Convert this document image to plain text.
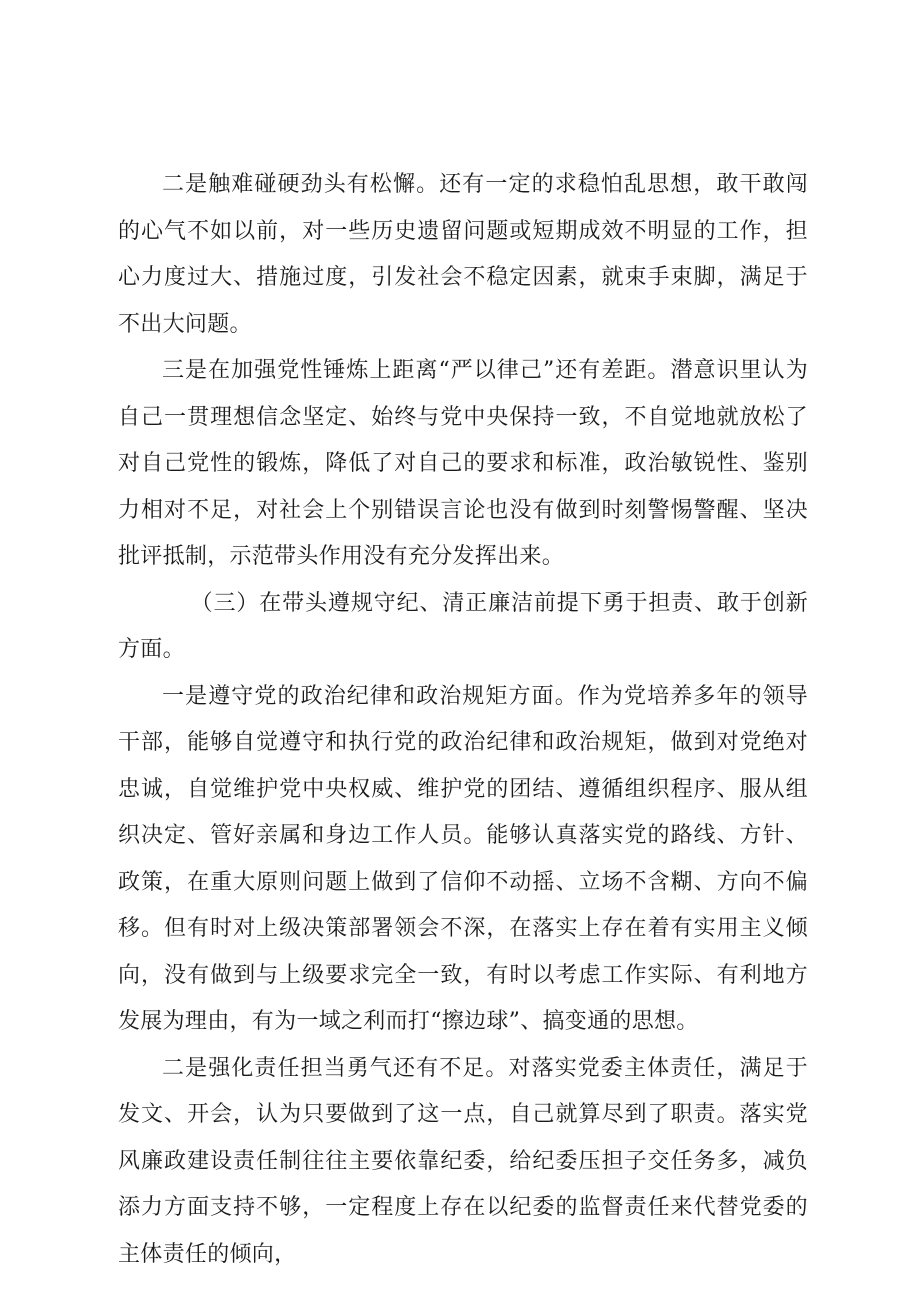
二是触难碰硬劲头有松懈。还有一定的求稳怕乱思想，敢干敢闯的心气不如以前，对一些历史遗留问题或短期成效不明显的工作，担心力度过大、措施过度，引发社会不稳定因素，就束手束脚，满足于不出大问题。

三是在加强党性锤炼上距离“严以律己”还有差距。潜意识里认为自己一贯理想信念坚定、始终与党中央保持一致，不自觉地就放松了对自己党性的锻炼，降低了对自己的要求和标准，政治敏锐性、鉴别力相对不足，对社会上个别错误言论也没有做到时刻警惕警醒、坚决批评抵制，示范带头作用没有充分发挥出来。

（三）在带头遵规守纪、清正廉洁前提下勇于担责、敢于创新方面。

一是遵守党的政治纪律和政治规矩方面。作为党培养多年的领导干部，能够自觉遵守和执行党的政治纪律和政治规矩，做到对党绝对忠诚，自觉维护党中央权威、维护党的团结、遵循组织程序、服从组织决定、管好亲属和身边工作人员。能够认真落实党的路线、方针、政策，在重大原则问题上做到了信仰不动摇、立场不含糊、方向不偏移。但有时对上级决策部署领会不深，在落实上存在着有实用主义倾向，没有做到与上级要求完全一致，有时以考虑工作实际、有利地方发展为理由，有为一域之利而打“擦边球”、搞变通的思想。

二是强化责任担当勇气还有不足。对落实党委主体责任，满足于发文、开会，认为只要做到了这一点，自己就算尽到了职责。落实党风廉政建设责任制往往主要依靠纪委，给纪委压担子交任务多，减负添力方面支持不够，一定程度上存在以纪委的监督责任来代替党委的主体责任的倾向，
